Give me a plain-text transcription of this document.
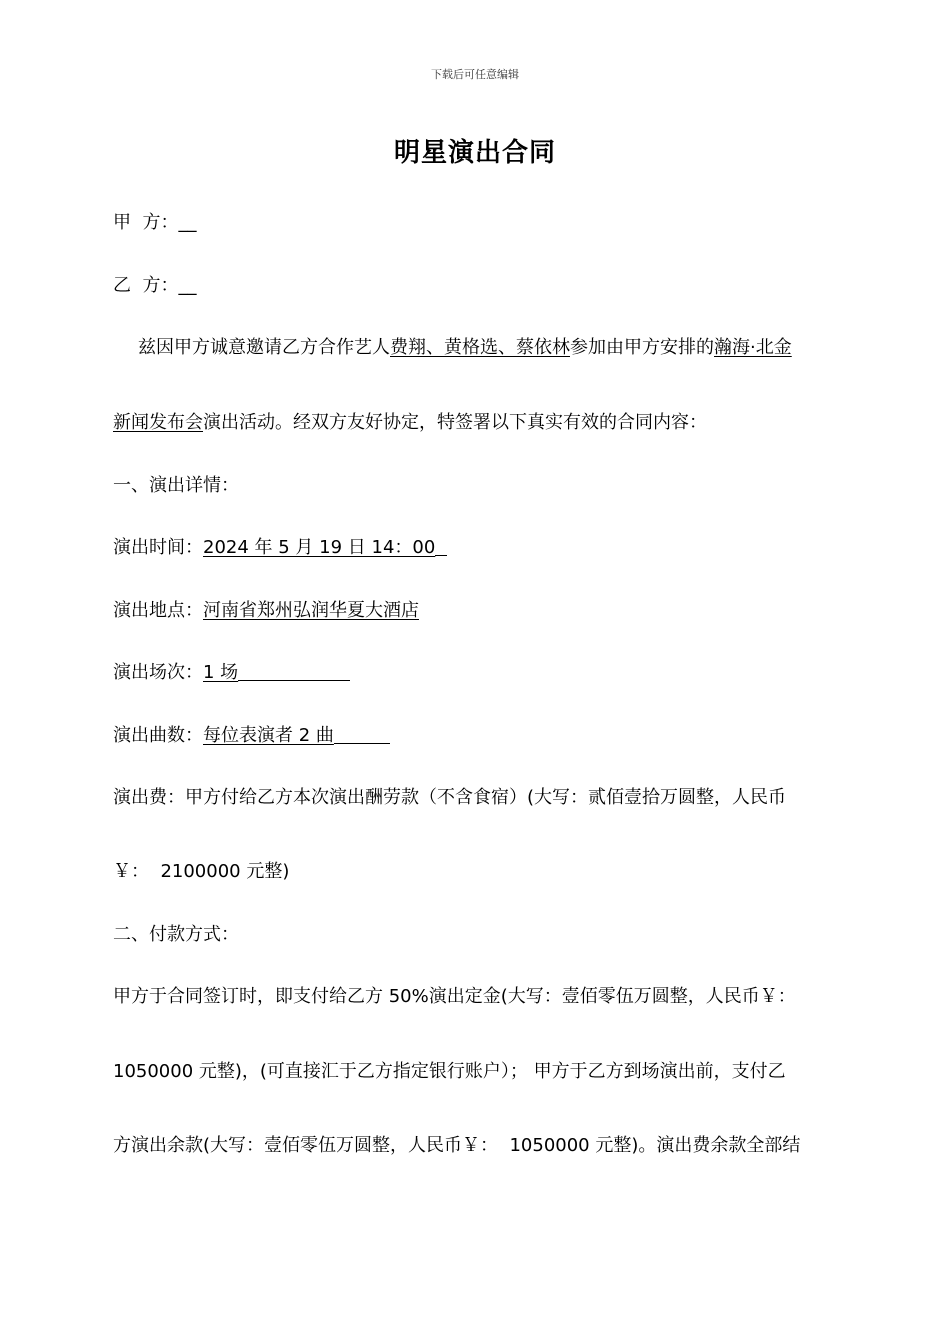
下载后可任意编辑
明星演出合同
甲  方：__
乙  方：__
兹因甲方诚意邀请乙方合作艺人费翔、黄格选、蔡依林参加由甲方安排的瀚海·北金
新闻发布会演出活动。经双方友好协定，特签署以下真实有效的合同内容：
一、演出详情：
演出时间：2024 年 5 月 19 日 14：00
演出地点：河南省郑州弘润华夏大酒店
演出场次：1 场
演出曲数：每位表演者 2 曲
演出费：甲方付给乙方本次演出酬劳款（不含食宿）(大写：贰佰壹拾万圆整，人民币
￥：  2100000 元整)
二、付款方式：
甲方于合同签订时，即支付给乙方 50%演出定金(大写：壹佰零伍万圆整，人民币￥：
1050000 元整)，(可直接汇于乙方指定银行账户）； 甲方于乙方到场演出前，支付乙
方演出余款(大写：壹佰零伍万圆整，人民币￥：  1050000 元整)。演出费余款全部结
